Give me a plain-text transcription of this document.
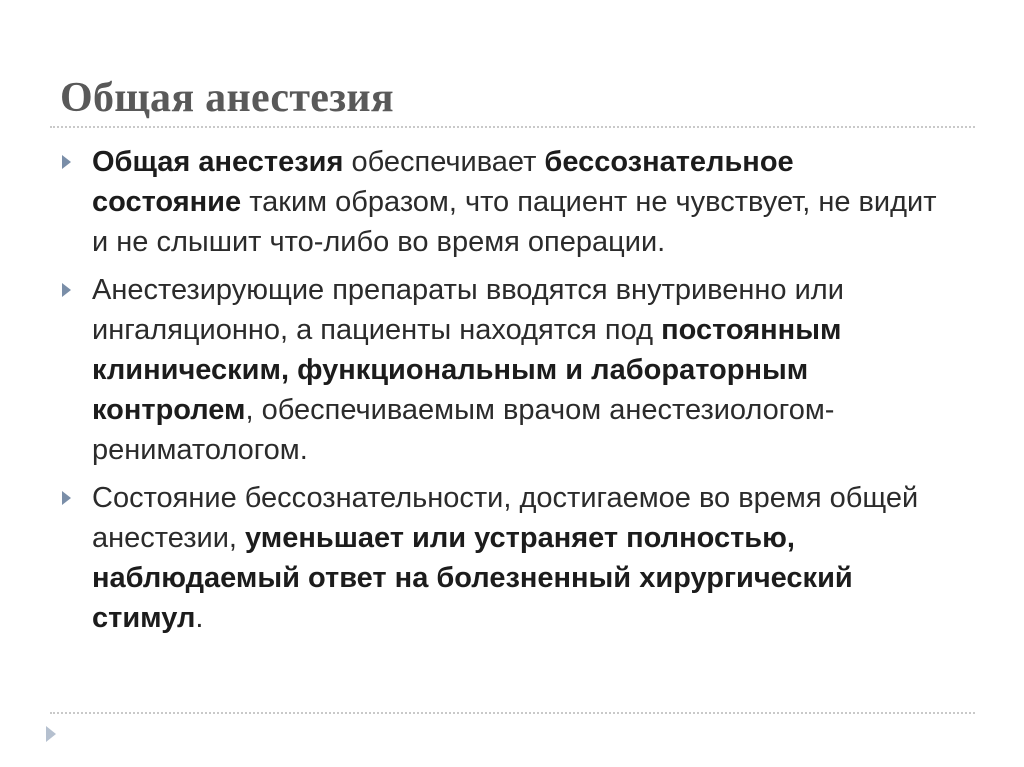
Общая анестезия
Общая анестезия обеспечивает бессознательное состояние таким образом, что пациент не чувствует, не видит и не слышит что-либо во время операции.
Анестезирующие препараты вводятся внутривенно или ингаляционно, а пациенты находятся под постоянным клиническим, функциональным и лабораторным контролем, обеспечиваемым врачом анестезиологом-рениматологом.
Состояние бессознательности, достигаемое во время общей анестезии, уменьшает или устраняет полностью, наблюдаемый ответ на болезненный хирургический стимул.
